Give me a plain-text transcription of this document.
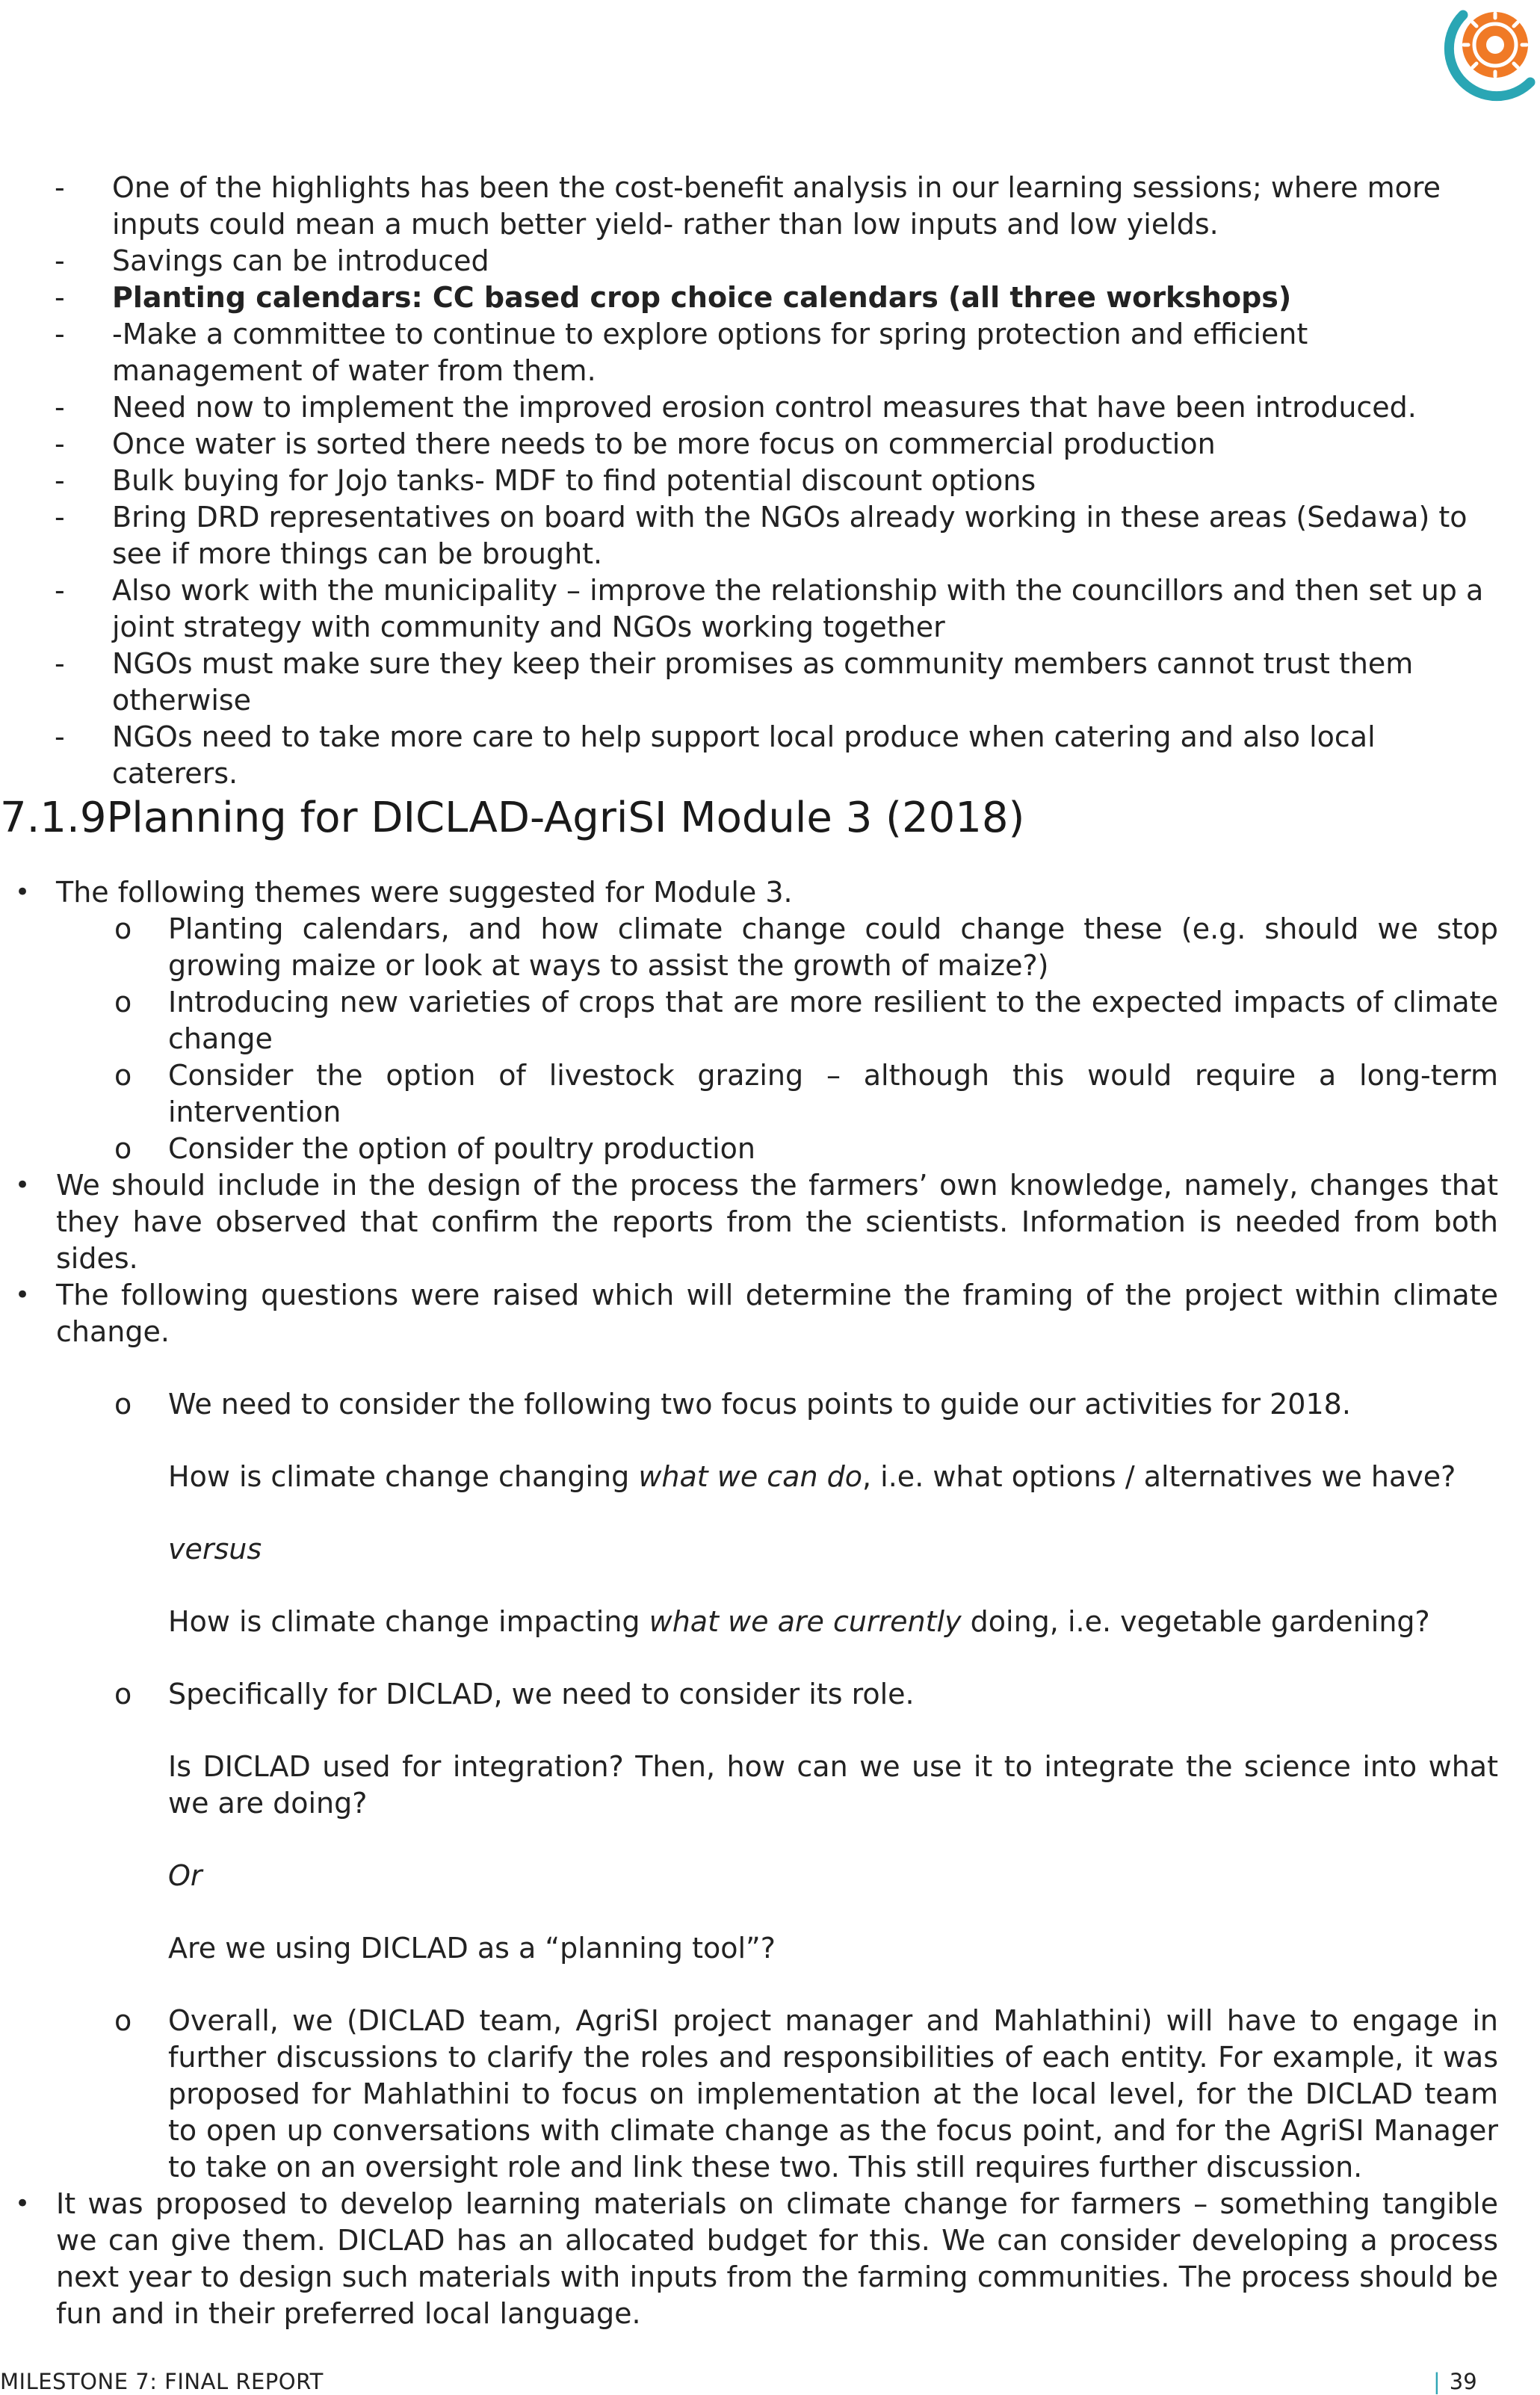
- One of the highlights has been the cost-benefit analysis in our learning sessions; where more inputs could mean a much better yield- rather than low inputs and low yields.
- Savings can be introduced
- Planting calendars: CC based crop choice calendars (all three workshops)
- -Make a committee to continue to explore options for spring protection and efficient management of water from them.
- Need now to implement the improved erosion control measures that have been introduced.
- Once water is sorted there needs to be more focus on commercial production
- Bulk buying for Jojo tanks- MDF to find potential discount options
- Bring DRD representatives on board with the NGOs already working in these areas (Sedawa) to see if more things can be brought.
- Also work with the municipality – improve the relationship with the councillors and then set up a joint strategy with community and NGOs working together
- NGOs must make sure they keep their promises as community members cannot trust them otherwise
- NGOs need to take more care to help support local produce when catering and also local caterers.
7.1.9Planning for DICLAD-AgriSI Module 3 (2018)
• The following themes were suggested for Module 3.
o Planting calendars, and how climate change could change these (e.g. should we stop growing maize or look at ways to assist the growth of maize?)
o Introducing new varieties of crops that are more resilient to the expected impacts of climate change
o Consider the option of livestock grazing – although this would require a long-term intervention
o Consider the option of poultry production
• We should include in the design of the process the farmers’ own knowledge, namely, changes that they have observed that confirm the reports from the scientists. Information is needed from both sides.
• The following questions were raised which will determine the framing of the project within climate change.
o We need to consider the following two focus points to guide our activities for 2018.
How is climate change changing what we can do, i.e. what options / alternatives we have?
versus
How is climate change impacting what we are currently doing, i.e. vegetable gardening?
o Specifically for DICLAD, we need to consider its role.
Is DICLAD used for integration? Then, how can we use it to integrate the science into what we are doing?
Or
Are we using DICLAD as a “planning tool”?
o Overall, we (DICLAD team, AgriSI project manager and Mahlathini) will have to engage in further discussions to clarify the roles and responsibilities of each entity. For example, it was proposed for Mahlathini to focus on implementation at the local level, for the DICLAD team to open up conversations with climate change as the focus point, and for the AgriSI Manager to take on an oversight role and link these two. This still requires further discussion.
• It was proposed to develop learning materials on climate change for farmers – something tangible we can give them. DICLAD has an allocated budget for this. We can consider developing a process next year to design such materials with inputs from the farming communities. The process should be fun and in their preferred local language.
MILESTONE 7: FINAL REPORT	| 39
